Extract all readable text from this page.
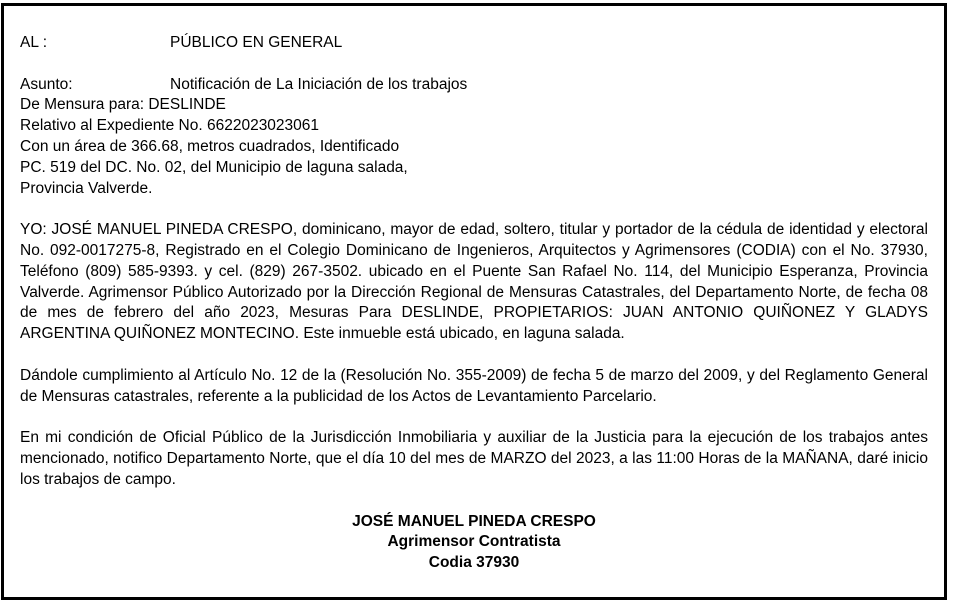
AL :	PÚBLICO EN GENERAL
Asunto:	Notificación de La Iniciación de los trabajos
De Mensura para: DESLINDE
Relativo al Expediente No. 6622023023061
Con un área de 366.68, metros cuadrados, Identificado
PC. 519 del DC. No. 02, del Municipio de laguna salada,
Provincia Valverde.

YO: JOSÉ MANUEL PINEDA CRESPO, dominicano, mayor de edad, soltero, titular y portador de la cédula de identidad y electoral No. 092-0017275-8, Registrado en el Colegio Dominicano de Ingenieros, Arquitectos y Agrimensores (CODIA) con el No. 37930, Teléfono (809) 585-9393. y cel. (829) 267-3502. ubicado en el Puente San Rafael No. 114, del Municipio Esperanza, Provincia Valverde. Agrimensor Público Autorizado por la Dirección Regional de Mensuras Catastrales, del Departamento Norte, de fecha 08 de mes de febrero del año 2023, Mesuras Para DESLINDE, PROPIETARIOS: JUAN ANTONIO QUIÑONEZ Y GLADYS ARGENTINA QUIÑONEZ MONTECINO. Este inmueble está ubicado, en laguna salada.

Dándole cumplimiento al Artículo No. 12 de la (Resolución No. 355-2009) de fecha 5 de marzo del 2009, y del Reglamento General de Mensuras catastrales, referente a la publicidad de los Actos de Levantamiento Parcelario.

En mi condición de Oficial Público de la Jurisdicción Inmobiliaria y auxiliar de la Justicia para la ejecución de los trabajos antes mencionado, notifico Departamento Norte, que el día 10 del mes de MARZO del 2023, a las 11:00 Horas de la MAÑANA, daré inicio los trabajos de campo.

JOSÉ MANUEL PINEDA CRESPO
Agrimensor Contratista
Codia 37930
